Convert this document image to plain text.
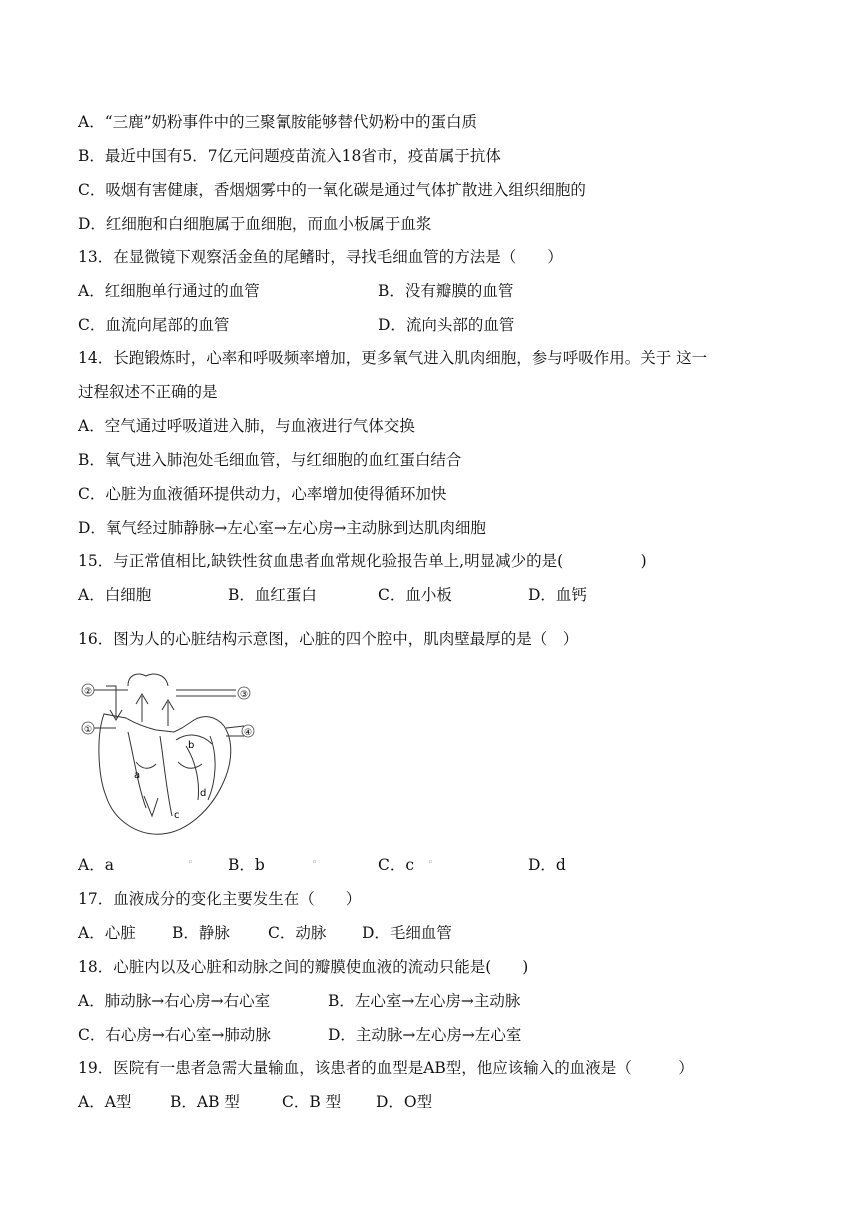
A．“三鹿”奶粉事件中的三聚氰胺能够替代奶粉中的蛋白质
B．最近中国有5．7亿元问题疫苗流入18省市，疫苗属于抗体
C．吸烟有害健康，香烟烟雾中的一氧化碳是通过气体扩散进入组织细胞的
D．红细胞和白细胞属于血细胞，而血小板属于血浆
13．在显微镜下观察活金鱼的尾鳍时，寻找毛细血管的方法是（　　）
A．红细胞单行通过的血管	B．没有瓣膜的血管
C．血流向尾部的血管	D．流向头部的血管
14．长跑锻炼时，心率和呼吸频率增加，更多氧气进入肌肉细胞，参与呼吸作用。关于 这一
过程叙述不正确的是
A．空气通过呼吸道进入肺，与血液进行气体交换
B．氧气进入肺泡处毛细血管，与红细胞的血红蛋白结合
C．心脏为血液循环提供动力，心率增加使得循环加快
D．氧气经过肺静脉→左心室→左心房→主动脉到达肌肉细胞
15．与正常值相比,缺铁性贫血患者血常规化验报告单上,明显减少的是(　　　　　)
A．白细胞	B．血红蛋白	C．血小板	D．血钙
16．图为人的心脏结构示意图，心脏的四个腔中，肌肉壁最厚的是（　）
②
①
③
④
a
b
c
d
A．a	◦ B．b	◦	C．c ◦	D．d
17．血液成分的变化主要发生在（　　）
A．心脏 B．静脉 C．动脉 D．毛细血管
18．心脏内以及心脏和动脉之间的瓣膜使血液的流动只能是(　　)
A．肺动脉→右心房→右心室	B．左心室→左心房→主动脉
C．右心房→右心室→肺动脉	D．主动脉→左心房→左心室
19．医院有一患者急需大量输血，该患者的血型是AB型，他应该输入的血液是（　　　）
A．A型 B．AB 型	C．B 型 D．O型
